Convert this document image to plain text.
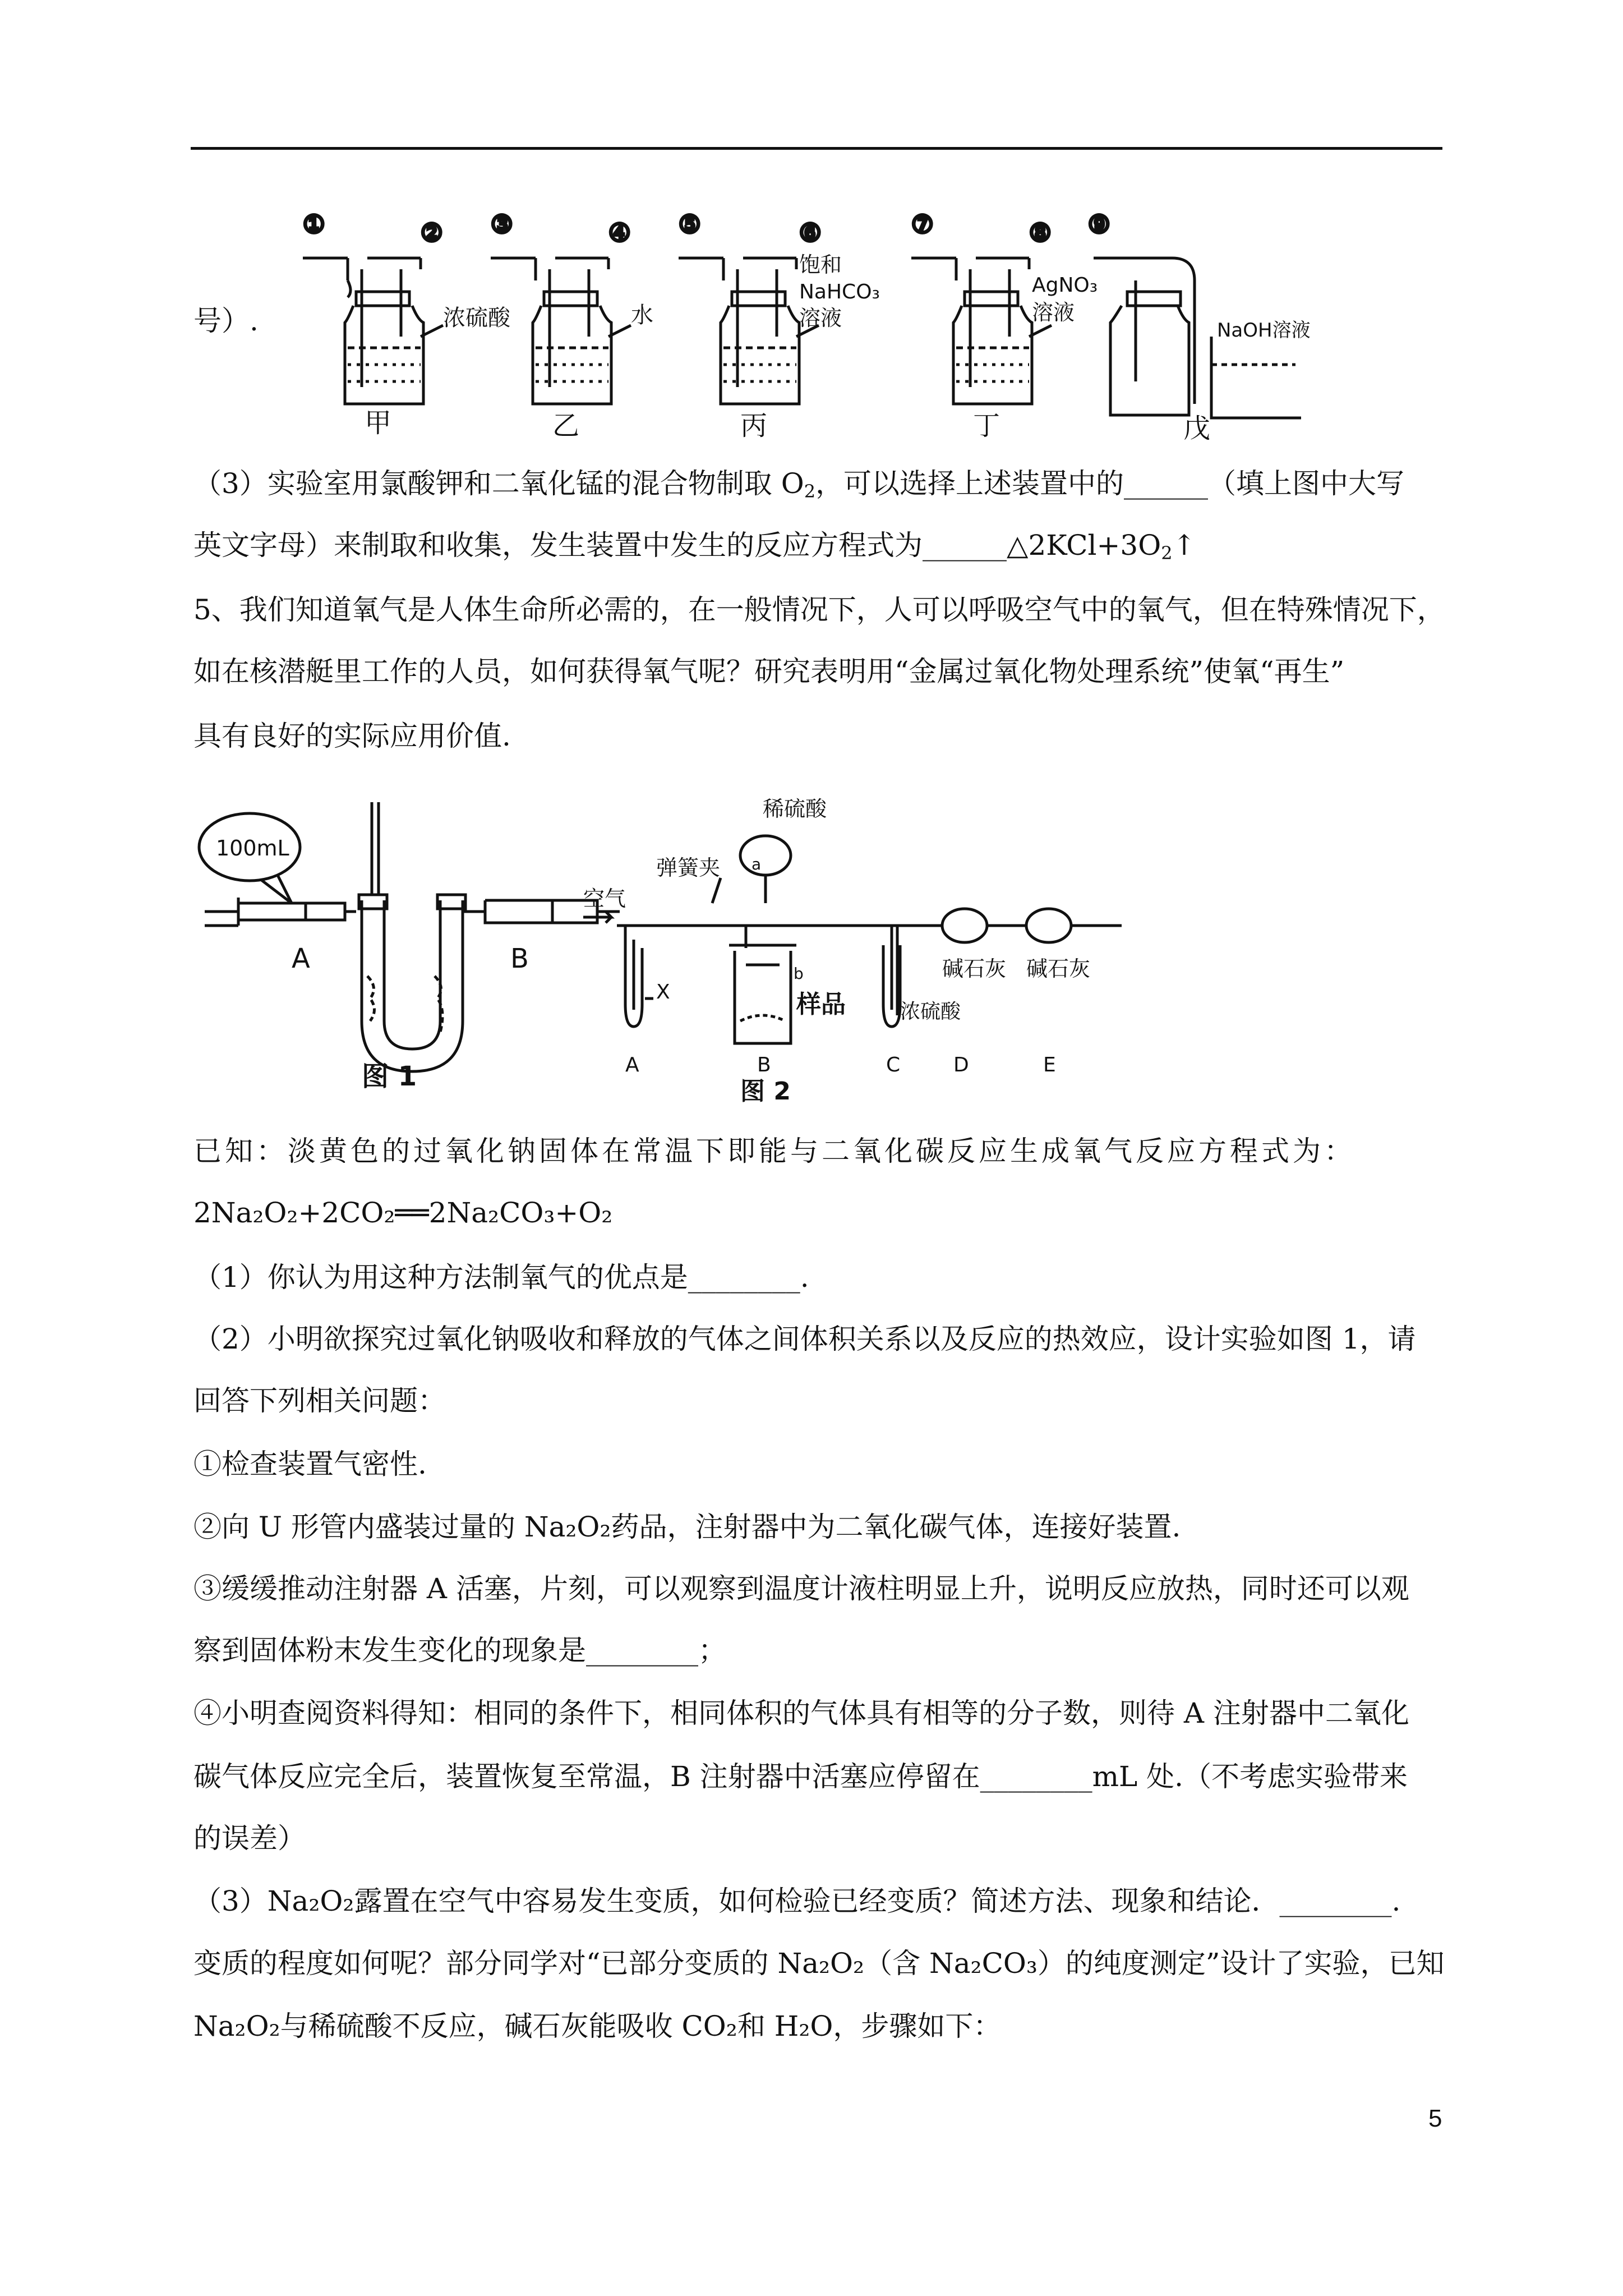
号）.
①	② ③	④ ⑤	⑥	⑦	⑧ ⑨
浓硫酸	水
饱和
NaHCO₃
溶液
AgNO₃
溶液
NaOH溶液
甲	乙	丙	丁	戊
（3）实验室用氯酸钾和二氧化锰的混合物制取 $O_2$，可以选择上述装置中的______（填上图中大写
英文字母）来制取和收集，发生装置中发生的反应方程式为$\_\_\_\_\_\_\triangle 2KCl+3O_2↑$
5、我们知道氧气是人体生命所必需的，在一般情况下，人可以呼吸空气中的氧气，但在特殊情况下，
如在核潜艇里工作的人员，如何获得氧气呢？研究表明用“金属过氧化物处理系统”使氧“再生”
具有良好的实际应用价值.
100mL
A	B
图 1
稀硫酸
a
弹簧夹
空气
X
b
样品	浓硫酸
碱石灰 碱石灰
A	B	C	D	E
图 2
已知：淡黄色的过氧化钠固体在常温下即能与二氧化碳反应生成氧气反应方程式为：
2Na₂O₂+2CO₂══2Na₂CO₃+O₂
（1）你认为用这种方法制氧气的优点是________.
（2）小明欲探究过氧化钠吸收和释放的气体之间体积关系以及反应的热效应，设计实验如图 1，请
回答下列相关问题：
①检查装置气密性.
②向 U 形管内盛装过量的 Na₂O₂药品，注射器中为二氧化碳气体，连接好装置.
③缓缓推动注射器 A 活塞，片刻，可以观察到温度计液柱明显上升，说明反应放热，同时还可以观
察到固体粉末发生变化的现象是________；
④小明查阅资料得知：相同的条件下，相同体积的气体具有相等的分子数，则待 A 注射器中二氧化
碳气体反应完全后，装置恢复至常温，B 注射器中活塞应停留在________mL 处.（不考虑实验带来
的误差）
（3）Na₂O₂露置在空气中容易发生变质，如何检验已经变质？简述方法、现象和结论．________.
变质的程度如何呢？部分同学对“已部分变质的 Na₂O₂（含 Na₂CO₃）的纯度测定”设计了实验，已知
Na₂O₂与稀硫酸不反应，碱石灰能吸收 CO₂和 H₂O，步骤如下：
5
